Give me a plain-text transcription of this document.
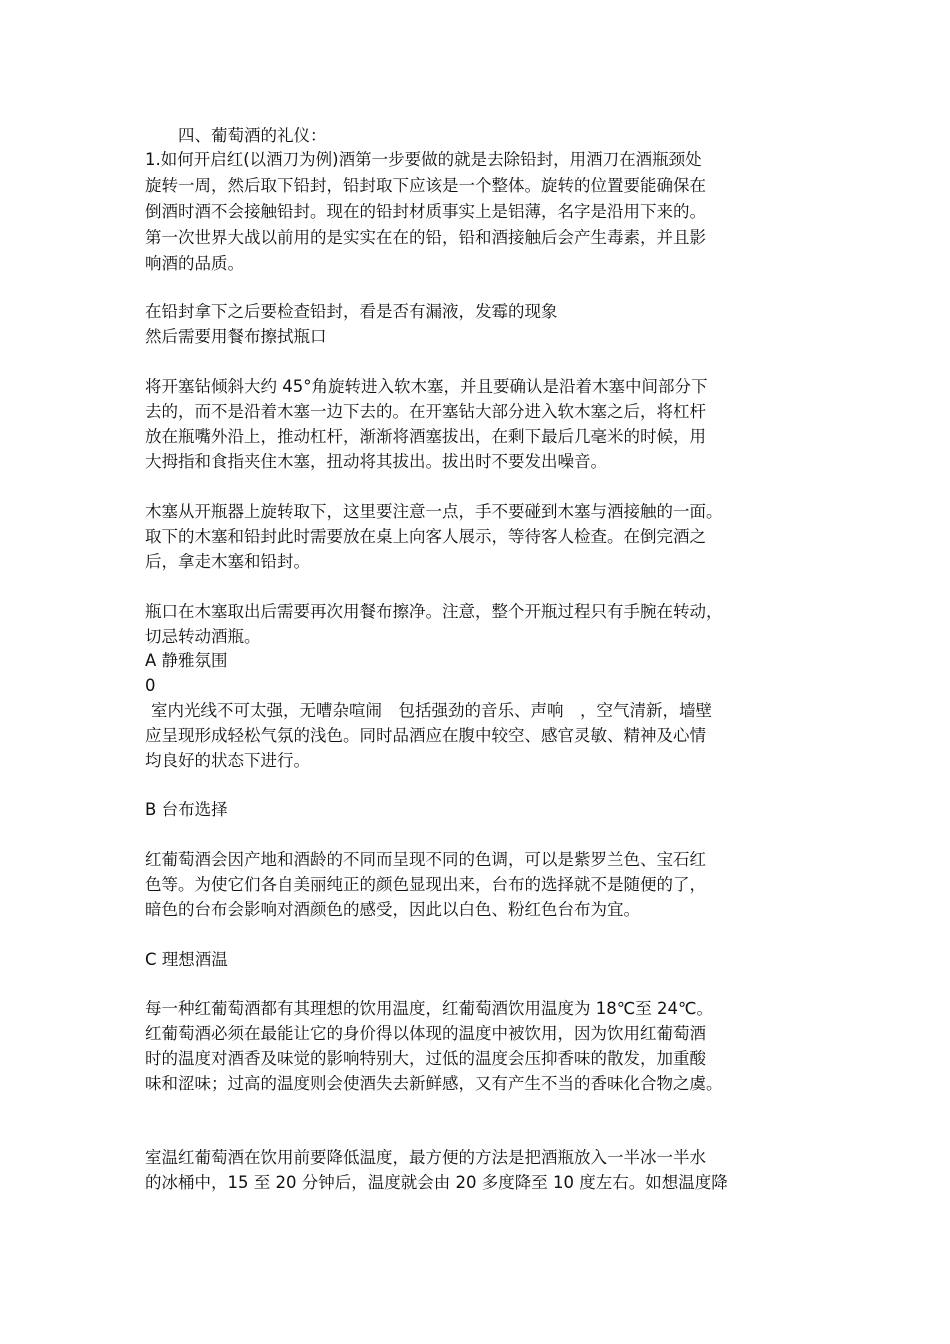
四、葡萄酒的礼仪：
1.如何开启红(以酒刀为例)酒第一步要做的就是去除铅封，用酒刀在酒瓶颈处
旋转一周，然后取下铅封，铅封取下应该是一个整体。旋转的位置要能确保在
倒酒时酒不会接触铅封。现在的铅封材质事实上是铝薄，名字是沿用下来的。
第一次世界大战以前用的是实实在在的铅，铅和酒接触后会产生毒素，并且影
响酒的品质。
在铅封拿下之后要检查铅封，看是否有漏液，发霉的现象
然后需要用餐布擦拭瓶口
将开塞钻倾斜大约 45°角旋转进入软木塞，并且要确认是沿着木塞中间部分下
去的，而不是沿着木塞一边下去的。在开塞钻大部分进入软木塞之后，将杠杆
放在瓶嘴外沿上，推动杠杆，渐渐将酒塞拔出，在剩下最后几毫米的时候，用
大拇指和食指夹住木塞，扭动将其拔出。拔出时不要发出噪音。
木塞从开瓶器上旋转取下，这里要注意一点，手不要碰到木塞与酒接触的一面。
取下的木塞和铅封此时需要放在桌上向客人展示，等待客人检查。在倒完酒之
后，拿走木塞和铅封。
瓶口在木塞取出后需要再次用餐布擦净。注意，整个开瓶过程只有手腕在转动，
切忌转动酒瓶。
A 静雅氛围
0
室内光线不可太强，无嘈杂喧闹　包括强劲的音乐、声响　，空气清新，墙壁
应呈现形成轻松气氛的浅色。同时品酒应在腹中较空、感官灵敏、精神及心情
均良好的状态下进行。
B 台布选择
红葡萄酒会因产地和酒龄的不同而呈现不同的色调，可以是紫罗兰色、宝石红
色等。为使它们各自美丽纯正的颜色显现出来，台布的选择就不是随便的了，
暗色的台布会影响对酒颜色的感受，因此以白色、粉红色台布为宜。
C 理想酒温
每一种红葡萄酒都有其理想的饮用温度，红葡萄酒饮用温度为 18℃至 24℃。
红葡萄酒必须在最能让它的身价得以体现的温度中被饮用，因为饮用红葡萄酒
时的温度对酒香及味觉的影响特别大，过低的温度会压抑香味的散发，加重酸
味和涩味；过高的温度则会使酒失去新鲜感，又有产生不当的香味化合物之虞。
室温红葡萄酒在饮用前要降低温度，最方便的方法是把酒瓶放入一半冰一半水
的冰桶中，15 至 20 分钟后，温度就会由 20 多度降至 10 度左右。如想温度降
